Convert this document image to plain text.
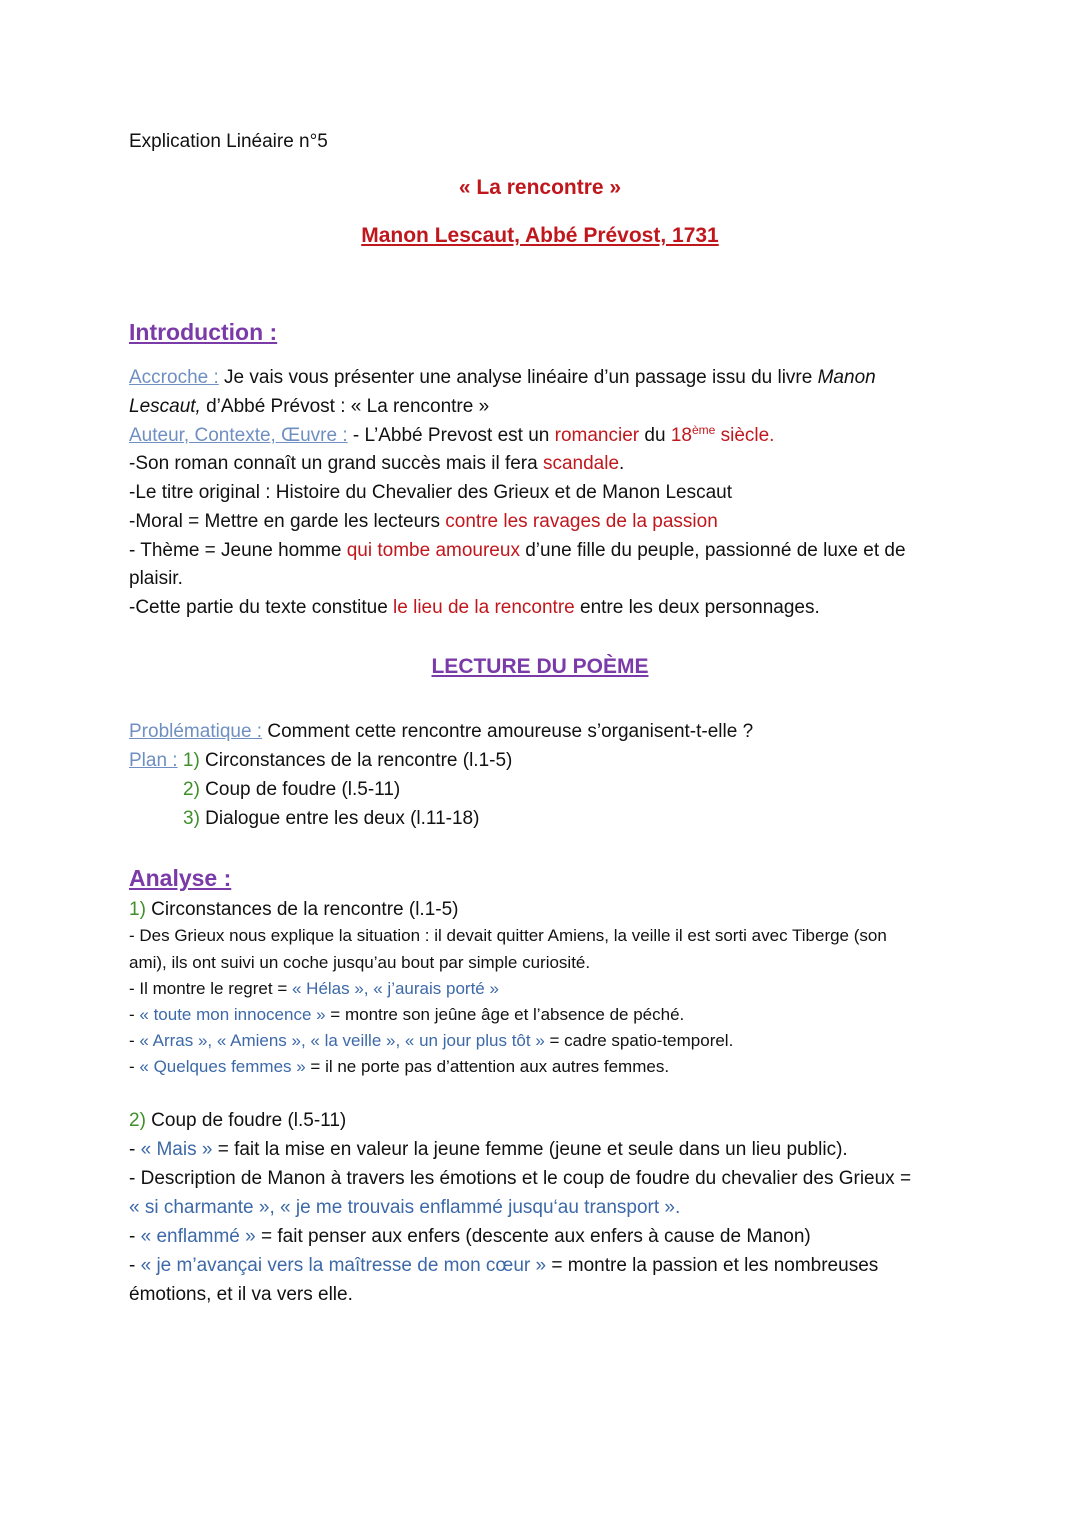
Explication Linéaire n°5
« La rencontre »
Manon Lescaut, Abbé Prévost, 1731
Introduction :
Accroche : Je vais vous présenter une analyse linéaire d’un passage issu du livre Manon
Lescaut, d’Abbé Prévost : « La rencontre »
Auteur, Contexte, Œuvre : - L’Abbé Prevost est un romancier du 18ème siècle.
-Son roman connaît un grand succès mais il fera scandale.
-Le titre original : Histoire du Chevalier des Grieux et de Manon Lescaut
-Moral = Mettre en garde les lecteurs contre les ravages de la passion
- Thème = Jeune homme qui tombe amoureux d’une fille du peuple, passionné de luxe et de
plaisir.
-Cette partie du texte constitue le lieu de la rencontre entre les deux personnages.
LECTURE DU POÈME
Problématique : Comment cette rencontre amoureuse s’organisent-t-elle ?
Plan : 1) Circonstances de la rencontre (l.1-5)
2) Coup de foudre (l.5-11)
3) Dialogue entre les deux (l.11-18)
Analyse :
1) Circonstances de la rencontre (l.1-5)
- Des Grieux nous explique la situation : il devait quitter Amiens, la veille il est sorti avec Tiberge (son
ami), ils ont suivi un coche jusqu’au bout par simple curiosité.
- Il montre le regret = « Hélas », « j’aurais porté »
- « toute mon innocence » = montre son jeûne âge et l’absence de péché.
- « Arras », « Amiens », « la veille », « un jour plus tôt » = cadre spatio-temporel.
- « Quelques femmes » = il ne porte pas d’attention aux autres femmes.
2) Coup de foudre (l.5-11)
- « Mais » = fait la mise en valeur la jeune femme (jeune et seule dans un lieu public).
- Description de Manon à travers les émotions et le coup de foudre du chevalier des Grieux =
« si charmante », « je me trouvais enflammé jusqu‘au transport ».
- « enflammé » = fait penser aux enfers (descente aux enfers à cause de Manon)
- « je m’avançai vers la maîtresse de mon cœur » = montre la passion et les nombreuses
émotions, et il va vers elle.
